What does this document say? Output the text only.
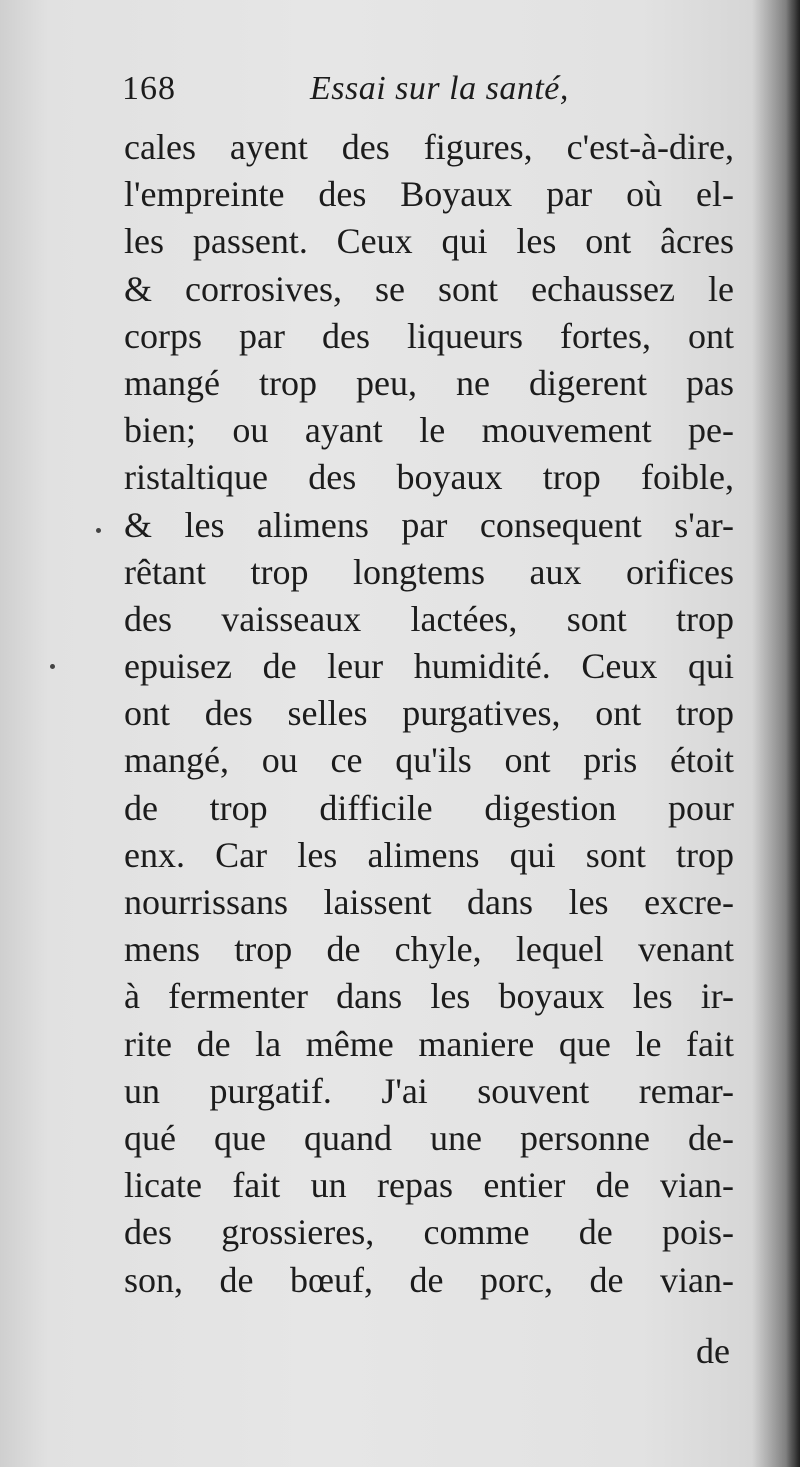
168	Essai sur la santé,
cales ayent des figures, c'est-à-dire,
l'empreinte des Boyaux par où el-
les passent. Ceux qui les ont âcres
& corrosives, se sont echaussez le
corps par des liqueurs fortes, ont
mangé trop peu, ne digerent pas
bien; ou ayant le mouvement pe-
ristaltique des boyaux trop foible,
& les alimens par consequent s'ar-
rêtant trop longtems aux orifices
des vaisseaux lactées, sont trop
epuisez de leur humidité. Ceux qui
ont des selles purgatives, ont trop
mangé, ou ce qu'ils ont pris étoit
de trop difficile digestion pour
enx. Car les alimens qui sont trop
nourrissans laissent dans les excre-
mens trop de chyle, lequel venant
à fermenter dans les boyaux les ir-
rite de la même maniere que le fait
un purgatif. J'ai souvent remar-
qué que quand une personne de-
licate fait un repas entier de vian-
des grossieres, comme de pois-
son, de bœuf, de porc, de vian-
de
